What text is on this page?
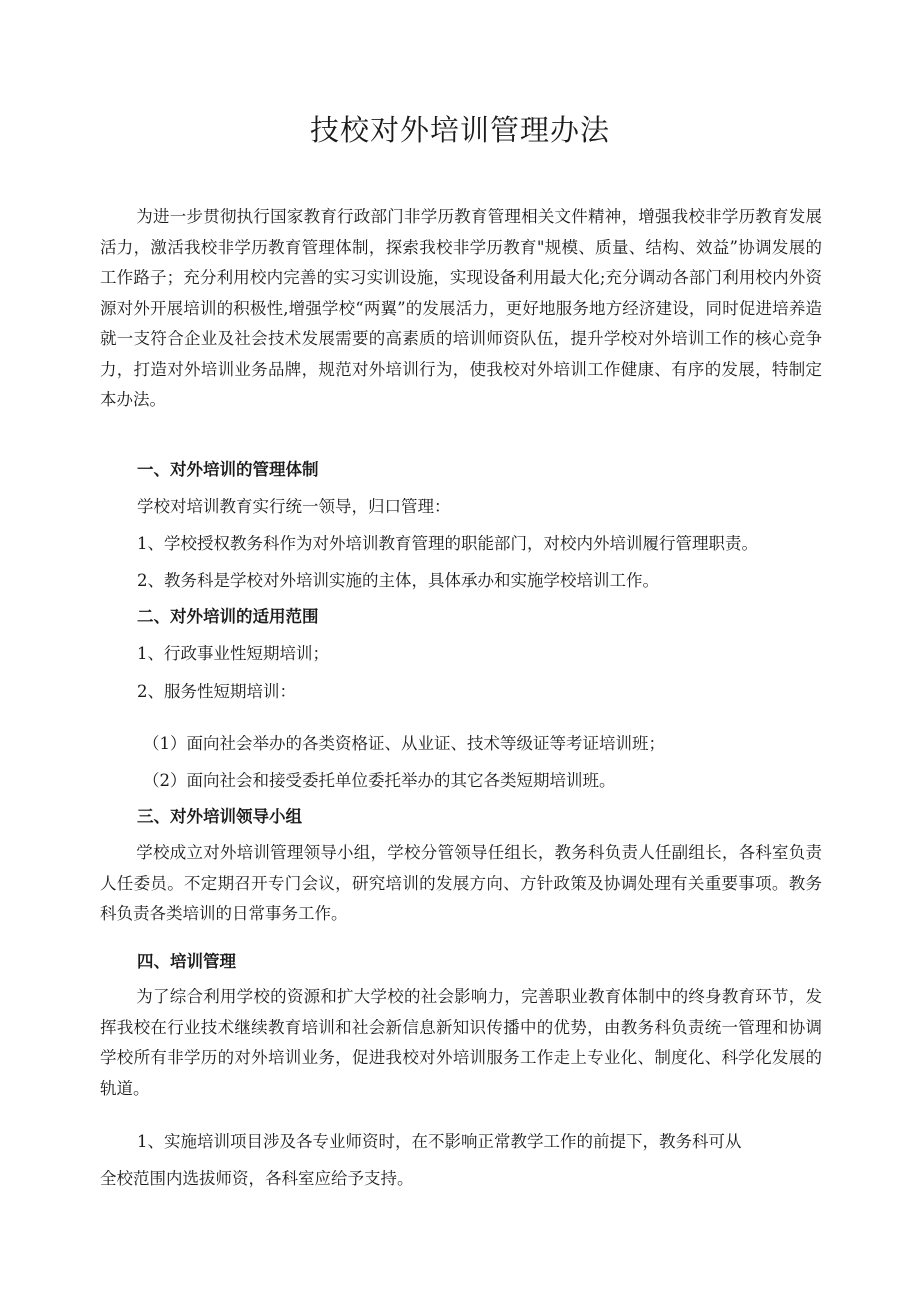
技校对外培训管理办法

为进一步贯彻执行国家教育行政部门非学历教育管理相关文件精神，增强我校非学历教育发展活力，激活我校非学历教育管理体制，探索我校非学历教育"规模、质量、结构、效益”协调发展的工作路子；充分利用校内完善的实习实训设施，实现设备利用最大化;充分调动各部门利用校内外资源对外开展培训的积极性,增强学校“两翼”的发展活力，更好地服务地方经济建设，同时促进培养造就一支符合企业及社会技术发展需要的高素质的培训师资队伍，提升学校对外培训工作的核心竞争力，打造对外培训业务品牌，规范对外培训行为，使我校对外培训工作健康、有序的发展，特制定本办法。

一、对外培训的管理体制
学校对培训教育实行统一领导，归口管理：
1、学校授权教务科作为对外培训教育管理的职能部门，对校内外培训履行管理职责。
2、教务科是学校对外培训实施的主体，具体承办和实施学校培训工作。
二、对外培训的适用范围
1、行政事业性短期培训；
2、服务性短期培训：
（1）面向社会举办的各类资格证、从业证、技术等级证等考证培训班；
（2）面向社会和接受委托单位委托举办的其它各类短期培训班。
三、对外培训领导小组

学校成立对外培训管理领导小组，学校分管领导任组长，教务科负责人任副组长，各科室负责人任委员。不定期召开专门会议，研究培训的发展方向、方针政策及协调处理有关重要事项。教务科负责各类培训的日常事务工作。

四、培训管理

为了综合利用学校的资源和扩大学校的社会影响力，完善职业教育体制中的终身教育环节，发挥我校在行业技术继续教育培训和社会新信息新知识传播中的优势，由教务科负责统一管理和协调学校所有非学历的对外培训业务，促进我校对外培训服务工作走上专业化、制度化、科学化发展的轨道。

1、实施培训项目涉及各专业师资时，在不影响正常教学工作的前提下，教务科可从
全校范围内选拔师资，各科室应给予支持。
